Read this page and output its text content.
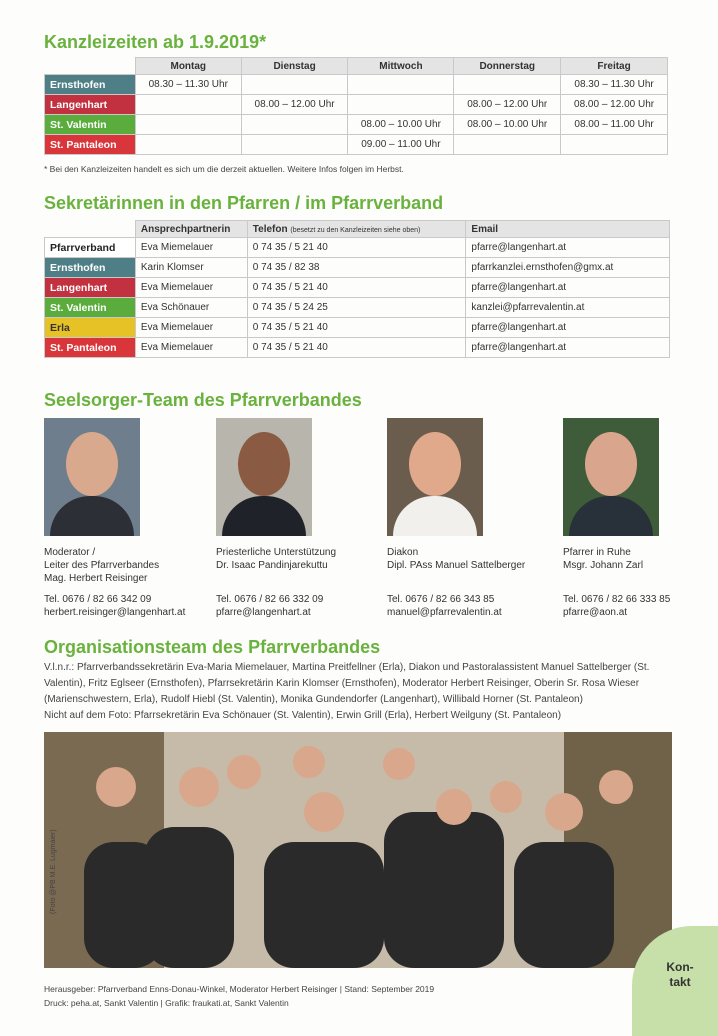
Kanzleizeiten ab 1.9.2019*
	Montag	Dienstag	Mittwoch	Donnerstag	Freitag
Ernsthofen	08.30 – 11.30 Uhr				08.30 – 11.30 Uhr
Langenhart		08.00 – 12.00 Uhr		08.00 – 12.00 Uhr	08.00 – 12.00 Uhr
St. Valentin			08.00 – 10.00 Uhr	08.00 – 10.00 Uhr	08.00 – 11.00 Uhr
St. Pantaleon			09.00 – 11.00 Uhr		
* Bei den Kanzleizeiten handelt es sich um die derzeit aktuellen. Weitere Infos folgen im Herbst.
Sekretärinnen in den Pfarren / im Pfarrverband
	Ansprechpartnerin	Telefon (besetzt zu den Kanzleizeiten siehe oben)	Email
Pfarrverband	Eva Miemelauer	0 74 35 / 5 21 40	pfarre@langenhart.at
Ernsthofen	Karin Klomser	0 74 35 / 82 38	pfarrkanzlei.ernsthofen@gmx.at
Langenhart	Eva Miemelauer	0 74 35 / 5 21 40	pfarre@langenhart.at
St. Valentin	Eva Schönauer	0 74 35 / 5 24 25	kanzlei@pfarrevalentin.at
Erla	Eva Miemelauer	0 74 35 / 5 21 40	pfarre@langenhart.at
St. Pantaleon	Eva Miemelauer	0 74 35 / 5 21 40	pfarre@langenhart.at
Seelsorger-Team des Pfarrverbandes
Moderator /
Leiter des Pfarrverbandes
Mag. Herbert Reisinger
Tel. 0676 / 82 66 342 09
herbert.reisinger@langenhart.at
Priesterliche Unterstützung
Dr. Isaac Pandinjarekuttu
Tel. 0676 / 82 66 332 09
pfarre@langenhart.at
Diakon
Dipl. PAss Manuel Sattelberger
Tel. 0676 / 82 66 343 85
manuel@pfarrevalentin.at
Pfarrer in Ruhe
Msgr. Johann Zarl
Tel. 0676 / 82 66 333 85
pfarre@aon.at
Organisationsteam des Pfarrverbandes
V.l.n.r.: Pfarrverbandssekretärin Eva-Maria Miemelauer, Martina Preitfellner (Erla), Diakon und Pastoralassistent Manuel Sattelberger (St. Valentin), Fritz Eglseer (Ernsthofen), Pfarrsekretärin Karin Klomser (Ernsthofen), Moderator Herbert Reisinger, Oberin Sr. Rosa Wieser (Marienschwestern, Erla), Rudolf Hiebl (St. Valentin), Monika Gundendorfer (Langenhart), Willibald Horner (St. Pantaleon)
Nicht auf dem Foto: Pfarrsekretärin Eva Schönauer (St. Valentin), Erwin Grill (Erla), Herbert Weilguny (St. Pantaleon)
(Foto @PB M.E. Lugmaier)
Herausgeber: Pfarrverband Enns-Donau-Winkel, Moderator Herbert Reisinger | Stand: September 2019
Druck: peha.at, Sankt Valentin | Grafik: fraukati.at, Sankt Valentin
Kon-
takt
